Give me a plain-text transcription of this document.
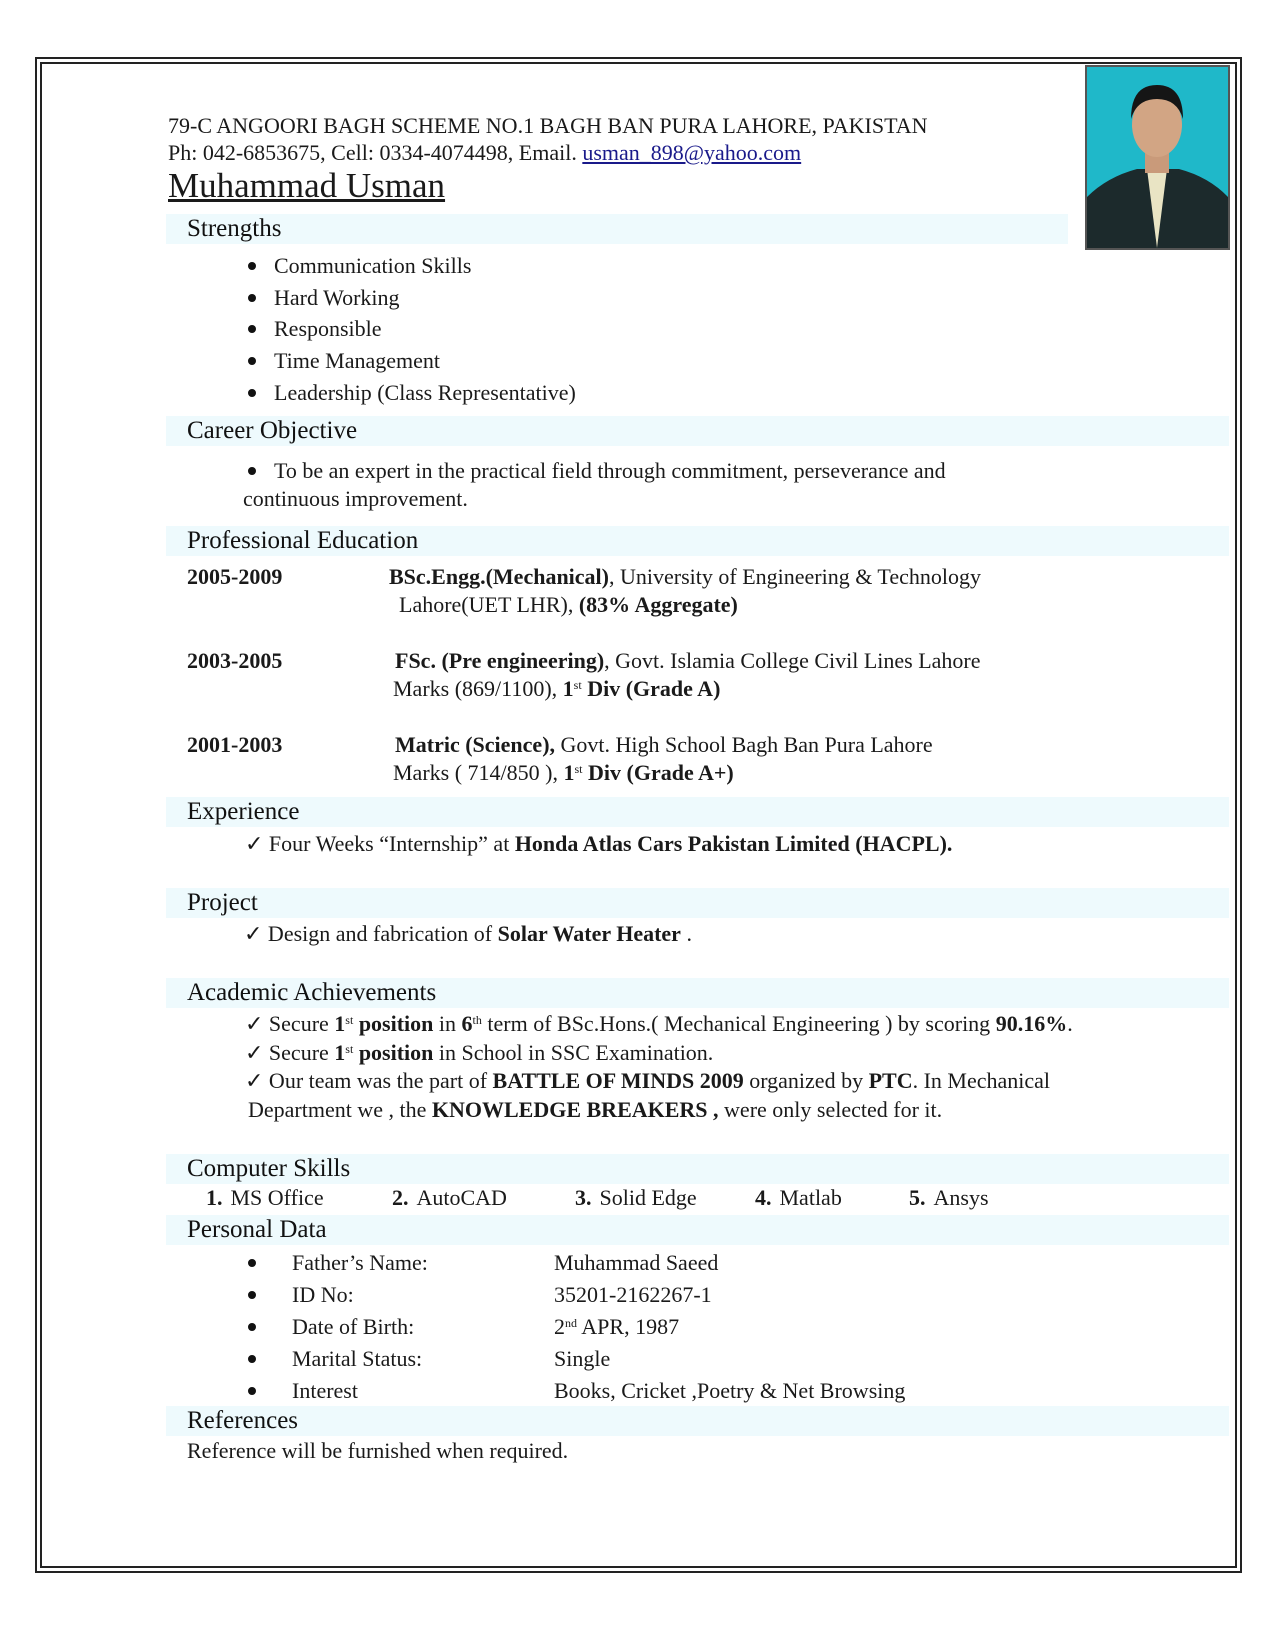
79-C ANGOORI BAGH SCHEME NO.1 BAGH BAN PURA LAHORE, PAKISTAN
Ph: 042-6853675, Cell: 0334-4074498, Email. usman_898@yahoo.com
Muhammad Usman
Strengths
Career Objective
To be an expert in the practical field through commitment, perseverance and
continuous improvement.
Professional Education
Experience
✓ Four Weeks “Internship” at Honda Atlas Cars Pakistan Limited (HACPL).
Project
✓ Design and fabrication of Solar Water Heater .
Academic Achievements
✓ Secure 1st position in 6th term of BSc.Hons.( Mechanical Engineering ) by scoring 90.16%.
✓ Secure 1st position in School in SSC Examination.
✓ Our team was the part of BATTLE OF MINDS 2009 organized by PTC. In Mechanical
Department we , the KNOWLEDGE BREAKERS , were only selected for it.
Computer Skills
Personal Data
References
Reference will be furnished when required.
Communication Skills
Hard Working
Responsible
Time Management
Leadership (Class Representative)
2005-2009	BSc.Engg.(Mechanical), University of Engineering & Technology
Lahore(UET LHR), (83% Aggregate)
2003-2005	FSc. (Pre engineering), Govt. Islamia College Civil Lines Lahore
Marks (869/1100), 1st Div (Grade A)
2001-2003	Matric (Science), Govt. High School Bagh Ban Pura Lahore
Marks ( 714/850 ), 1st Div (Grade A+)
1. MS Office	2. AutoCAD	3. Solid Edge	4. Matlab	5. Ansys
Father’s Name:	Muhammad Saeed
ID No:	35201-2162267-1
Date of Birth:	2nd APR, 1987
Marital Status:	Single
Interest	Books, Cricket ,Poetry & Net Browsing
